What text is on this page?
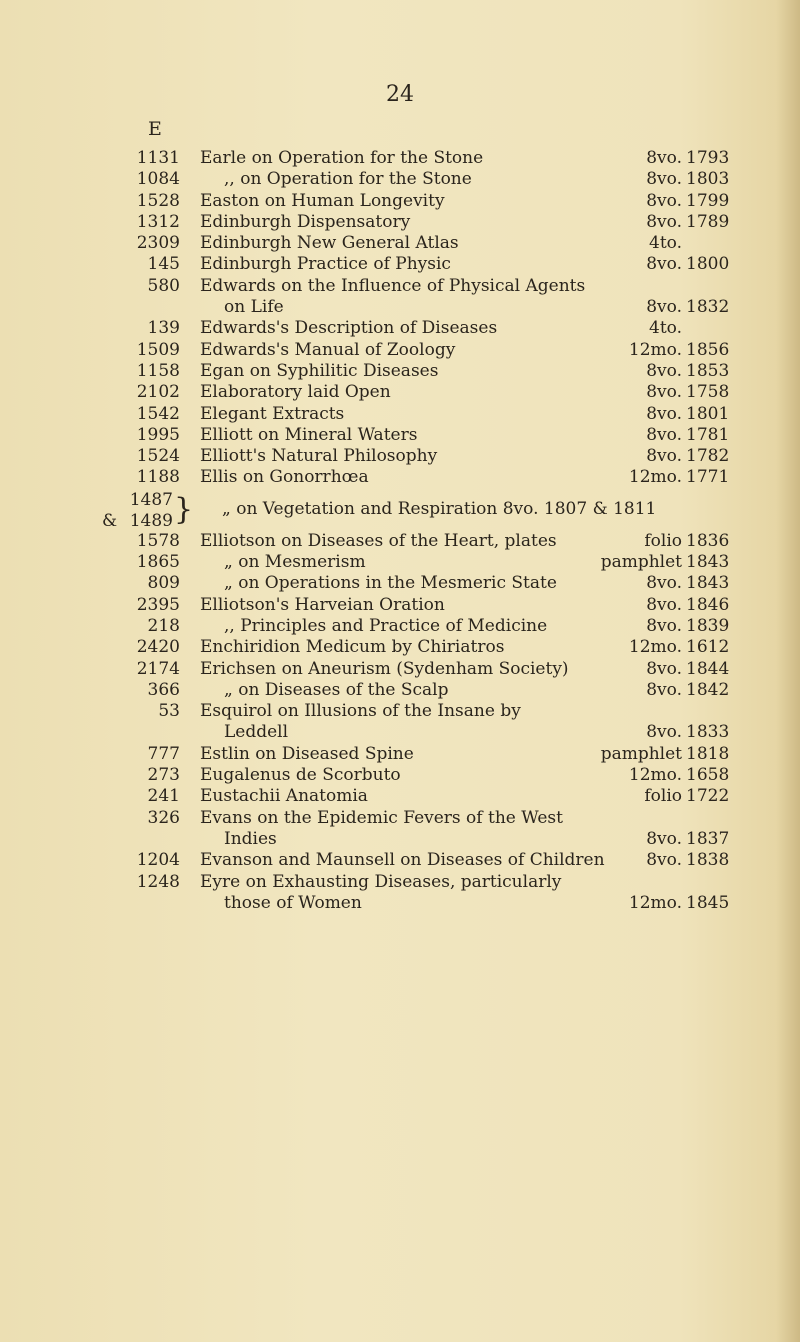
24
E
1131 Earle on Operation for the Stone	8vo. 1793
1084	,, on Operation for the Stone	8vo. 1803
1528 Easton on Human Longevity	8vo. 1799
1312 Edinburgh Dispensatory	8vo. 1789
2309 Edinburgh New General Atlas	4to.
145 Edinburgh Practice of Physic	8vo. 1800
580 Edwards on the Influence of Physical Agents
on Life	8vo. 1832
139 Edwards's Description of Diseases	4to.
1509 Edwards's Manual of Zoology	12mo. 1856
1158 Egan on Syphilitic Diseases	8vo. 1853
2102 Elaboratory laid Open	8vo. 1758
1542 Elegant Extracts	8vo. 1801
1995 Elliott on Mineral Waters	8vo. 1781
1524 Elliott's Natural Philosophy	8vo. 1782
1188 Ellis on Gonorrhœa	12mo. 1771
1487
& 1489 } „ on Vegetation and Respiration 8vo. 1807 & 1811
1578 Elliotson on Diseases of the Heart, plates	folio 1836
1865	„ on Mesmerism	pamphlet 1843
809	„ on Operations in the Mesmeric State	8vo. 1843
2395 Elliotson's Harveian Oration	8vo. 1846
218	,, Principles and Practice of Medicine	8vo. 1839
2420 Enchiridion Medicum by Chiriatros	12mo. 1612
2174 Erichsen on Aneurism (Sydenham Society)	8vo. 1844
366	„ on Diseases of the Scalp	8vo. 1842
53 Esquirol on Illusions of the Insane by
Leddell	8vo. 1833
777 Estlin on Diseased Spine	pamphlet 1818
273 Eugalenus de Scorbuto	12mo. 1658
241 Eustachii Anatomia	folio 1722
326 Evans on the Epidemic Fevers of the West
Indies	8vo. 1837
1204 Evanson and Maunsell on Diseases of Children 8vo. 1838
1248 Eyre on Exhausting Diseases, particularly
those of Women	12mo. 1845
